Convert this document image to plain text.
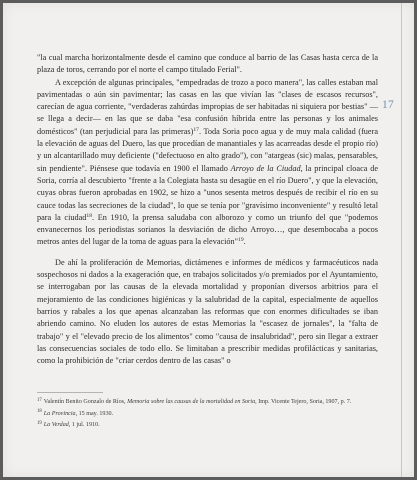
17

"la cual marcha horizontalmente desde el camino que conduce al barrio de las Casas hasta cerca de la plaza de toros, cerrando por el norte el campo titulado Ferial".

A excepción de algunas principales, "empedradas de trozo a poco manera", las calles estaban mal pavimentadas o aún sin pavimentar; las casas en las que vivían las "clases de escasos recursos", carecían de agua corriente, "verdaderas zahúrdas impropias de ser habitadas ni siquiera por bestias" —se llega a decir— en las que se daba "esa confusión híbrida entre las personas y los animales domésticos" (tan perjudicial para las primeras)$^{17}$. Toda Soria poco agua y de muy mala calidad (fuera la elevación de aguas del Duero, las que procedían de manantiales y las acarreadas desde el propio río) y un alcantarillado muy deficiente ("defectuoso en alto grado"), con "atargeas (sic) malas, pensarables, sin pendiente". Piénsese que todavía en 1900 el llamado Arroyo de la Ciudad, la principal cloaca de Soria, corría al descubierto "frente a la Colegiata hasta su desagüe en el río Duero", y que la elevación, cuyas obras fueron aprobadas en 1902, se hizo a "unos sesenta metros después de recibir el río en su cauce todas las secreciones de la ciudad", lo que se tenía por "gravísimo inconveniente" y resultó letal para la ciudad$^{18}$. En 1910, la prensa saludaba con alborozo y como un triunfo del que "podemos envanecernos los periodistas sorianos la desviación de dicho Arroyo…, que desembocaba a pocos metros antes del lugar de la toma de aguas para la elevación"$^{19}$.

De ahí la proliferación de Memorias, dictámenes e informes de médicos y farmacéuticos nada sospechosos ni dados a la exageración que, en trabajos solicitados y/o premiados por el Ayuntamiento, se interrogaban por las causas de la elevada mortalidad y proponían diversos arbitrios para el mejoramiento de las condiciones higiénicas y la salubridad de la capital, especialmente de aquellos barrios y rabales a los que apenas alcanzaban las reformas que con enormes dificultades se iban abriendo camino. No eluden los autores de estas Memorias la "escasez de jornales", la "falta de trabajo" y el "elevado precio de los alimentos" como "causa de insalubridad", pero sin llegar a extraer las consecuencias sociales de todo ello. Se limitaban a prescribir medidas profilácticas y sanitarias, como la prohibición de "criar cerdos dentro de las casas" o

$^{17}$ Valentín Benito Gonzalo de Ríos, Memoria sobre las causas de la mortalidad en Soria, Imp. Vicente Tejero, Soria, 1907, p. 7.
$^{18}$ La Provincia, 15 may. 1930.
$^{19}$ La Verdad, 1 jul. 1910.
